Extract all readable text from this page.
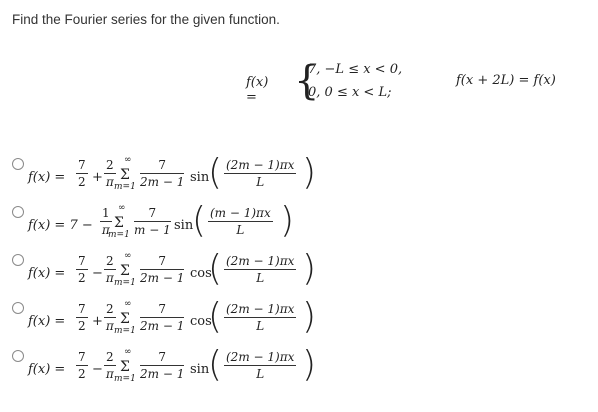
Find the Fourier series for the given function.
f(x) = {
7, −L ≤ x < 0,
0, 0 ≤ x < L;
f(x + 2L) = f(x)
f(x) =
7
2 +
2
π
∞
Σ
m=1
7
2m − 1 sin
( (2m − 1)πx
L )
f(x) = 7 −
1
π
∞
Σ
m=1
7
m − 1 sin
( (m − 1)πx
L )
f(x) =
7
2 −
2
π
∞
Σ
m=1
7
2m − 1 cos
( (2m − 1)πx
L )
f(x) =
7
2 +
2
π
∞
Σ
m=1
7
2m − 1 cos
( (2m − 1)πx
L )
f(x) =
7
2 −
2
π
∞
Σ
m=1
7
2m − 1 sin
( (2m − 1)πx
L )
